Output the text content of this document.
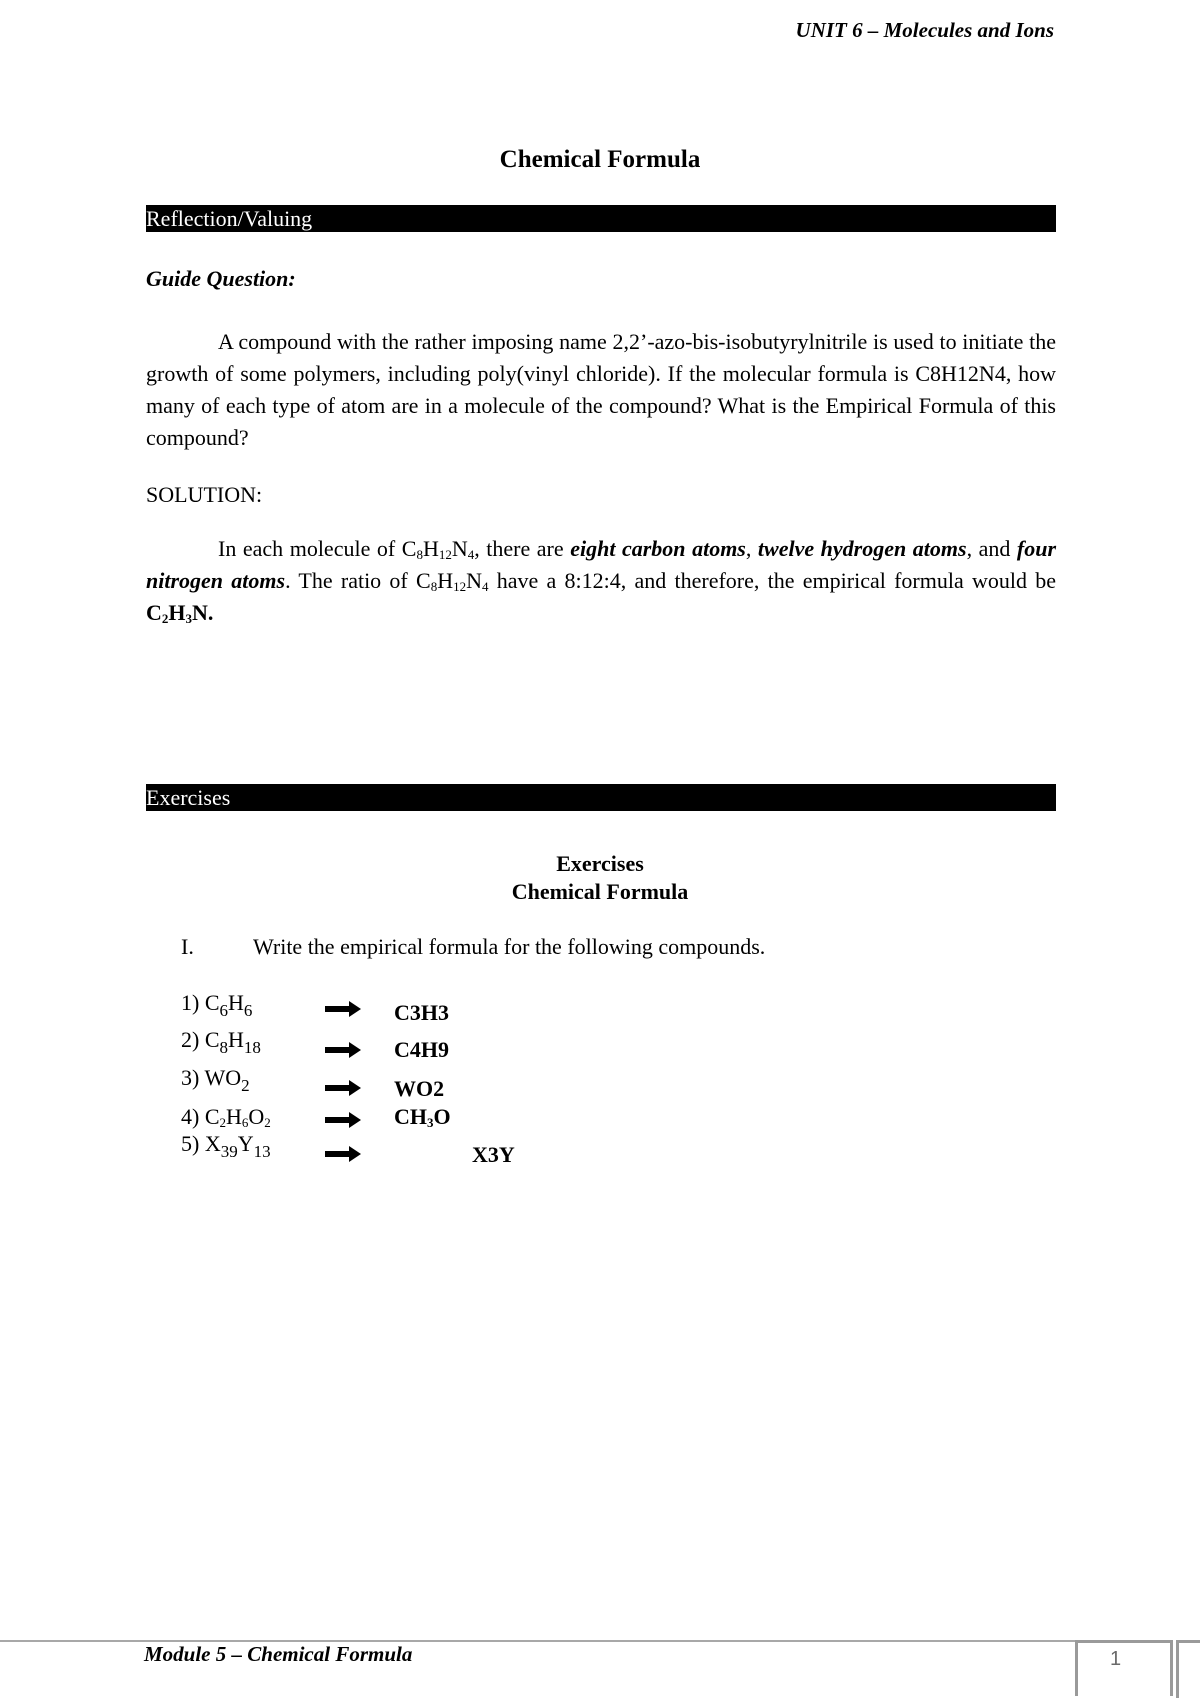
UNIT 6 – Molecules and Ions
Chemical Formula
Reflection/Valuing
Guide Question:

A compound with the rather imposing name 2,2’-azo-bis-isobutyrylnitrile is used to initiate the growth of some polymers, including poly(vinyl chloride). If the molecular formula is C8H12N4, how many of each type of atom are in a molecule of the compound? What is the Empirical Formula of this compound?

SOLUTION:

In each molecule of $C_8H_{12}N_4$, there are eight carbon atoms, twelve hydrogen atoms, and four nitrogen atoms. The ratio of $C_8H_{12}N_4$ have a 8:12:4, and therefore, the empirical formula would be $C_2H_3N$.

Exercises
Exercises
Chemical Formula
I.	Write the empirical formula for the following compounds.
1) $C_6H_6$	C3H3
2) $C_8H_{18}$	C4H9
3) $WO_2$	WO2
4) $C_2H_6O_2$	$CH_3O$
5) $X_{39}Y_{13}$	X3Y
Module 5 – Chemical Formula	1
